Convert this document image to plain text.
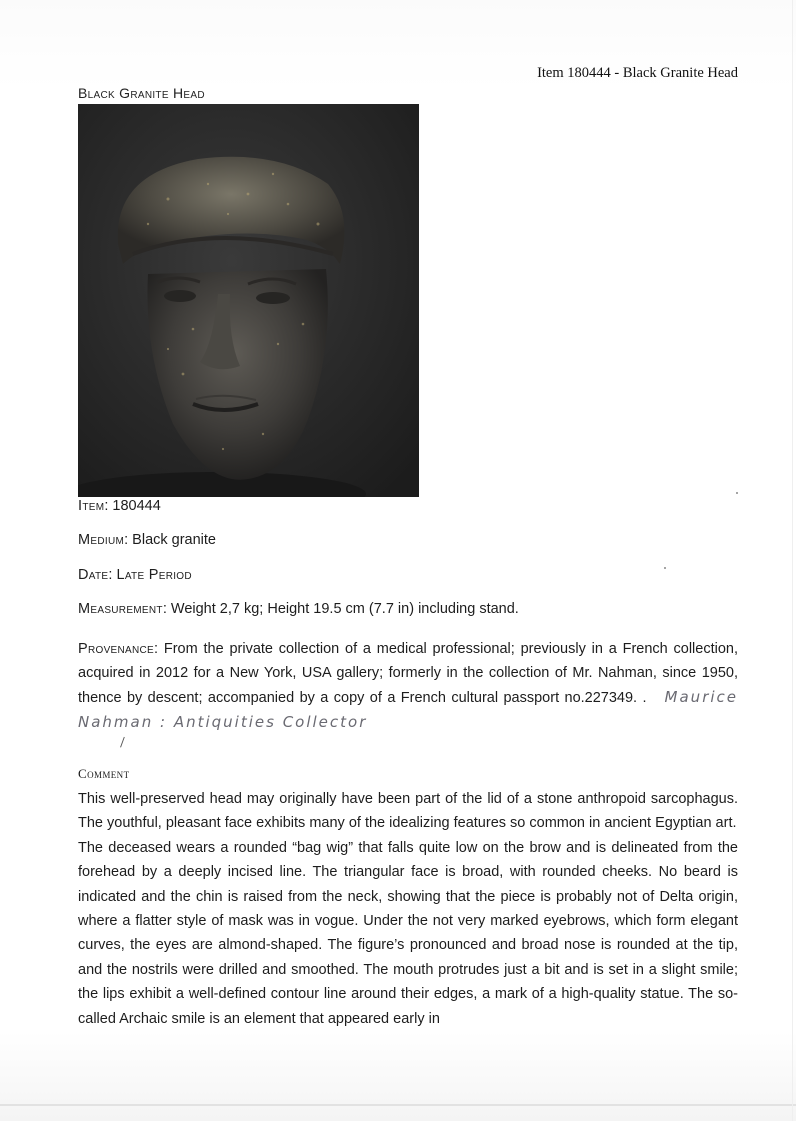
Item 180444 - Black Granite Head
Black Granite Head
Item: 180444
Medium: Black granite
Date: Late Period
Measurement: Weight 2,7 kg; Height 19.5 cm (7.7 in) including stand.
Provenance: From the private collection of a medical professional; previously in a French collection, acquired in 2012 for a New York, USA gallery; formerly in the collection of Mr. Nahman, since 1950, thence by descent; accompanied by a copy of a French cultural passport no.227349. . Maurice Nahman : Antiquities Collector
❘
Comment

This well-preserved head may originally have been part of the lid of a stone anthropoid sarcophagus. The youthful, pleasant face exhibits many of the idealizing features so common in ancient Egyptian art.

The deceased wears a rounded “bag wig” that falls quite low on the brow and is delineated from the forehead by a deeply incised line. The triangular face is broad, with rounded cheeks. No beard is indicated and the chin is raised from the neck, showing that the piece is probably not of Delta origin, where a flatter style of mask was in vogue. Under the not very marked eyebrows, which form elegant curves, the eyes are almond-shaped. The figure’s pronounced and broad nose is rounded at the tip, and the nostrils were drilled and smoothed. The mouth protrudes just a bit and is set in a slight smile; the lips exhibit a well-defined contour line around their edges, a mark of a high-quality statue. The so-called Archaic smile is an element that appeared early in
